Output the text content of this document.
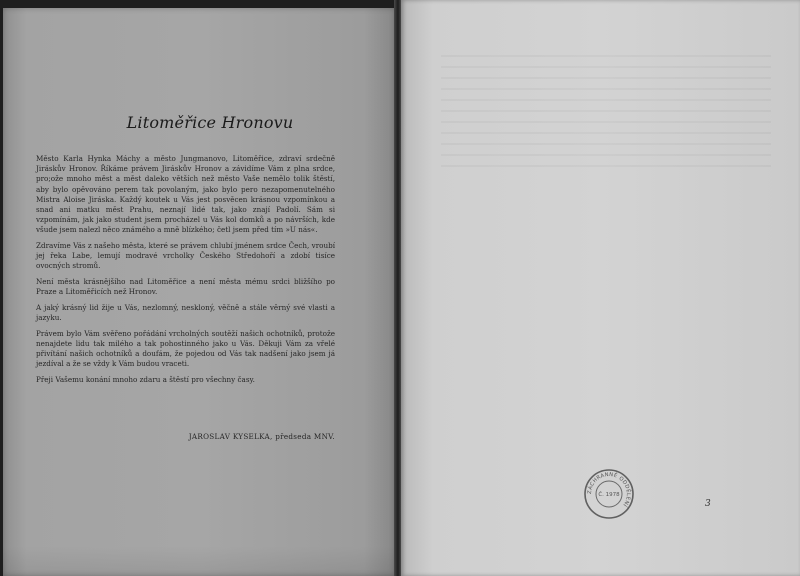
Litoměřice Hronovu

Město Karla Hynka Máchy a město Jungmanovo, Litoměřice, zdraví srdečně Jiráskův Hronov. Říkáme právem Jiráskův Hronov a závidíme Vám z plna srdce, pro;ože mnoho měst a měst daleko větších než město Vaše nemělo tolik štěstí, aby bylo opěvováno perem tak povolaným, jako bylo pero nezapomenutelného Mistra Aloise Jiráska. Každý koutek u Vás jest posvěcen krásnou vzpomínkou a snad ani matku měst Prahu, neznají lidé tak, jako znají Padolí. Sám si vzpomínám, jak jako student jsem procházel u Vás kol domků a po návrších, kde všude jsem nalezl něco známého a mně blízkého; četl jsem před tím »U nás«.

Zdravíme Vás z našeho města, které se právem chlubí jménem srdce Čech, vroubí jej řeka Labe, lemují modravé vrcholky Českého Středohoří a zdobí tisíce ovocných stromů.

Není města krásnějšího nad Litoměřice a není města mému srdci bližšího po Praze a Litoměřicích než Hronov.

A jaký krásný lid žije u Vás, nezlomný, neskloný, věčně a stále věrný své vlasti a jazyku.

Právem bylo Vám svěřeno pořádání vrcholných soutěží našich ochotníků, protože nenajdete lidu tak milého a tak pohostinného jako u Vás. Děkuji Vám za vřelé přivítání našich ochotníků a doufám, že pojedou od Vás tak nadšení jako jsem já jezdíval a že se vždy k Vám budou vraceti.

Přeji Vašemu konání mnoho zdaru a štěstí pro všechny časy.

JAROSLAV KYSELKA, předseda MNV.
ZÁCHRANNÉ ODDĚLENÍ
Č. 1978
3
